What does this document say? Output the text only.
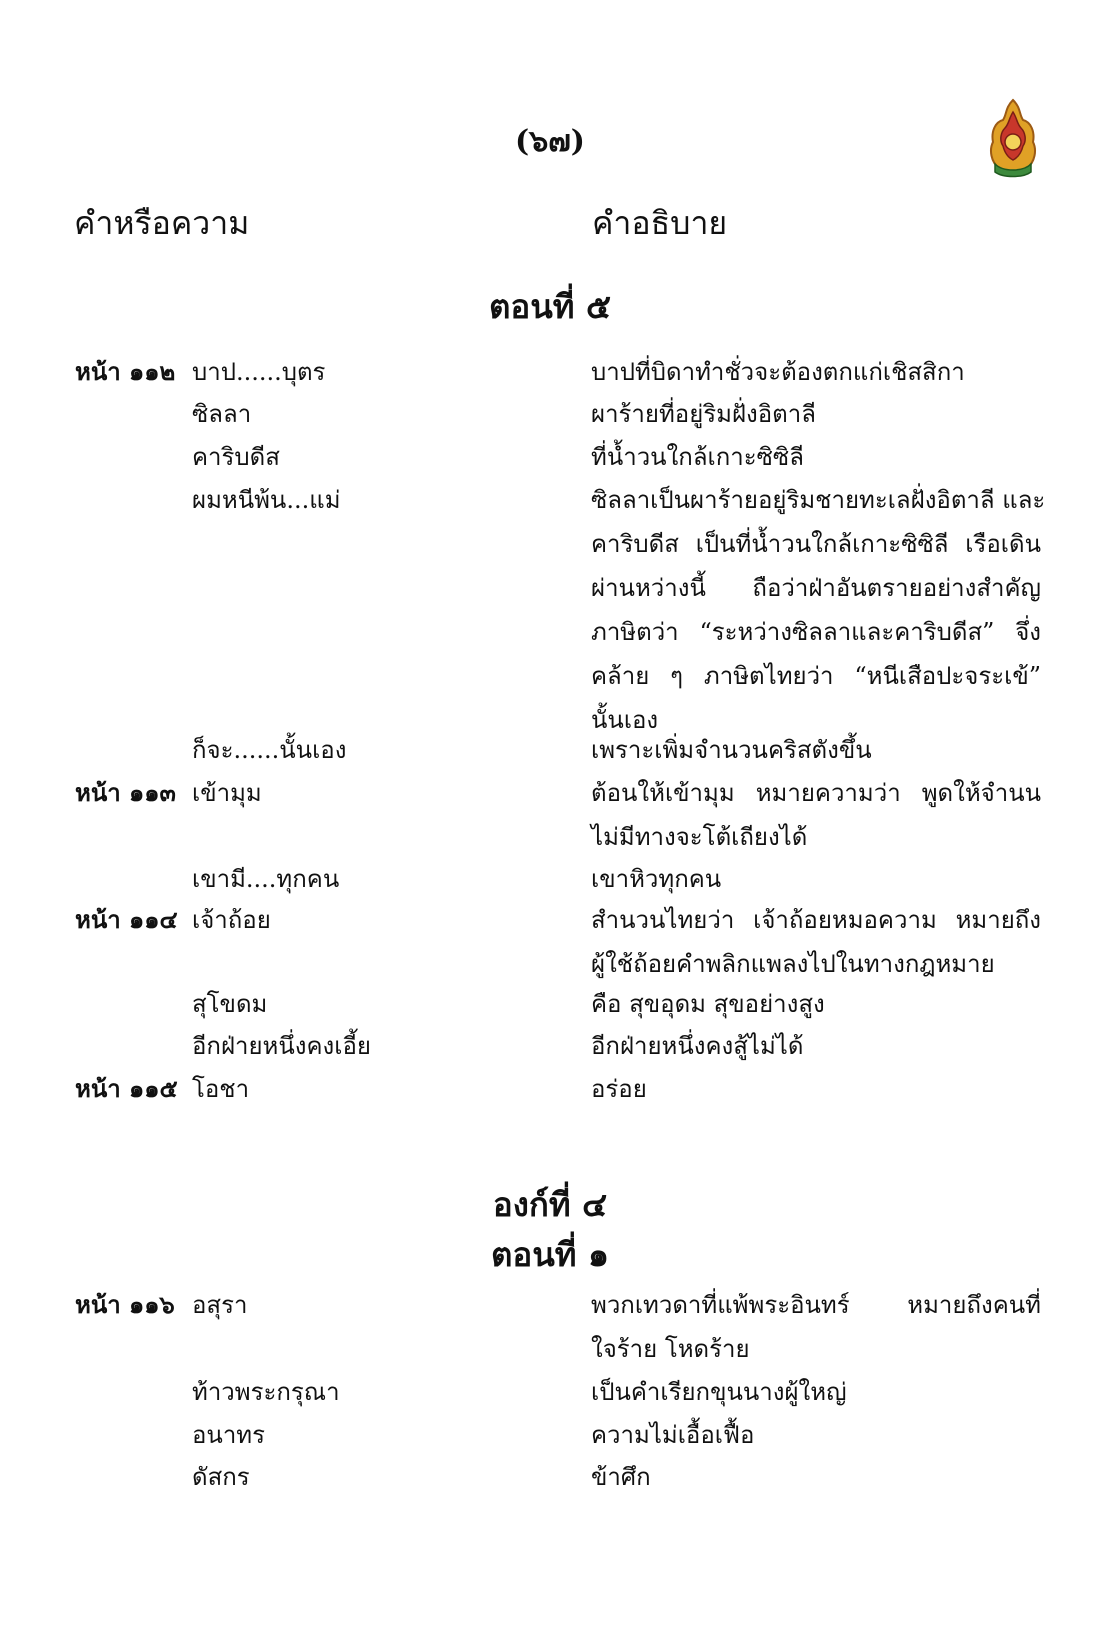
(๖๗)
คำหรือความ	คำอธิบาย
ตอนที่ ๕
องก์ที่ ๔
ตอนที่ ๑
หน้า ๑๑๒ บาป......บุตร	บาปที่บิดาทำชั่วจะต้องตกแก่เชิสสิกา
ซิลลา	ผาร้ายที่อยู่ริมฝั่งอิตาลี
คาริบดีส	ที่น้ำวนใกล้เกาะซิซิลี
ผมหนีพ้น...แม่	ซิลลาเป็นผาร้ายอยู่ริมชายทะเลฝั่งอิตาลี และ
คาริบดีส เป็นที่น้ำวนใกล้เกาะซิซิลี เรือเดิน
ผ่านหว่างนี้ ถือว่าฝ่าอันตรายอย่างสำคัญ
ภาษิตว่า “ระหว่างซิลลาและคาริบดีส” จึ่ง
คล้าย ๆ ภาษิตไทยว่า “หนีเสือปะจระเข้”
นั้นเอง
ก็จะ......นั้นเอง	เพราะเพิ่มจำนวนคริสตังขึ้น
หน้า ๑๑๓ เข้ามุม	ต้อนให้เข้ามุม หมายความว่า พูดให้จำนน
ไม่มีทางจะโต้เถียงได้
เขามี....ทุกคน	เขาหิวทุกคน
หน้า ๑๑๔ เจ้าถ้อย	สำนวนไทยว่า เจ้าถ้อยหมอความ หมายถึง
ผู้ใช้ถ้อยคำพลิกแพลงไปในทางกฎหมาย
สุโขดม	คือ สุขอุดม สุขอย่างสูง
อีกฝ่ายหนึ่งคงเอี้ย	อีกฝ่ายหนึ่งคงสู้ไม่ได้
หน้า ๑๑๕ โอชา	อร่อย
หน้า ๑๑๖ อสุรา	พวกเทวดาที่แพ้พระอินทร์ หมายถึงคนที่
ใจร้าย โหดร้าย
ท้าวพระกรุณา	เป็นคำเรียกขุนนางผู้ใหญ่
อนาทร	ความไม่เอื้อเฟื้อ
ดัสกร	ข้าศึก
